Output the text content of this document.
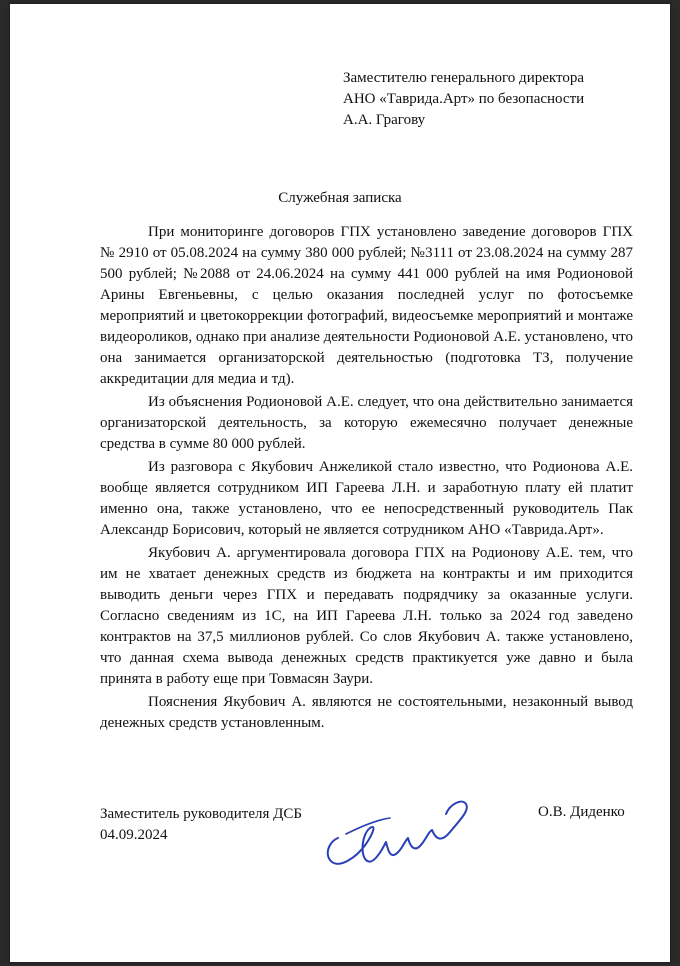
Заместителю генерального директора
АНО «Таврида.Арт» по безопасности
А.А. Грагову
Служебная записка

При мониторинге договоров ГПХ установлено заведение договоров ГПХ № 2910 от 05.08.2024 на сумму 380 000 рублей; №3111 от 23.08.2024 на сумму 287 500 рублей; №2088 от 24.06.2024 на сумму 441 000 рублей на имя Родионовой Арины Евгеньевны, с целью оказания последней услуг по фотосъемке мероприятий и цветокоррекции фотографий, видеосъемке мероприятий и монтаже видеороликов, однако при анализе деятельности Родионовой А.Е. установлено, что она занимается организаторской деятельностью (подготовка ТЗ, получение аккредитации для медиа и тд).

Из объяснения Родионовой А.Е. следует, что она действительно занимается организаторской деятельность, за которую ежемесячно получает денежные средства в сумме 80 000 рублей.

Из разговора с Якубович Анжеликой стало известно, что Родионова А.Е. вообще является сотрудником ИП Гареева Л.Н. и заработную плату ей платит именно она, также установлено, что ее непосредственный руководитель Пак Александр Борисович, который не является сотрудником АНО «Таврида.Арт».

Якубович А. аргументировала договора ГПХ на Родионову А.Е. тем, что им не хватает денежных средств из бюджета на контракты и им приходится выводить деньги через ГПХ и передавать подрядчику за оказанные услуги. Согласно сведениям из 1С, на ИП Гареева Л.Н. только за 2024 год заведено контрактов на 37,5 миллионов рублей. Со слов Якубович А. также установлено, что данная схема вывода денежных средств практикуется уже давно и была принята в работу еще при Товмасян Заури.

Пояснения Якубович А. являются не состоятельными, незаконный вывод денежных средств установленным.

Заместитель руководителя ДСБ
04.09.2024
О.В. Диденко
